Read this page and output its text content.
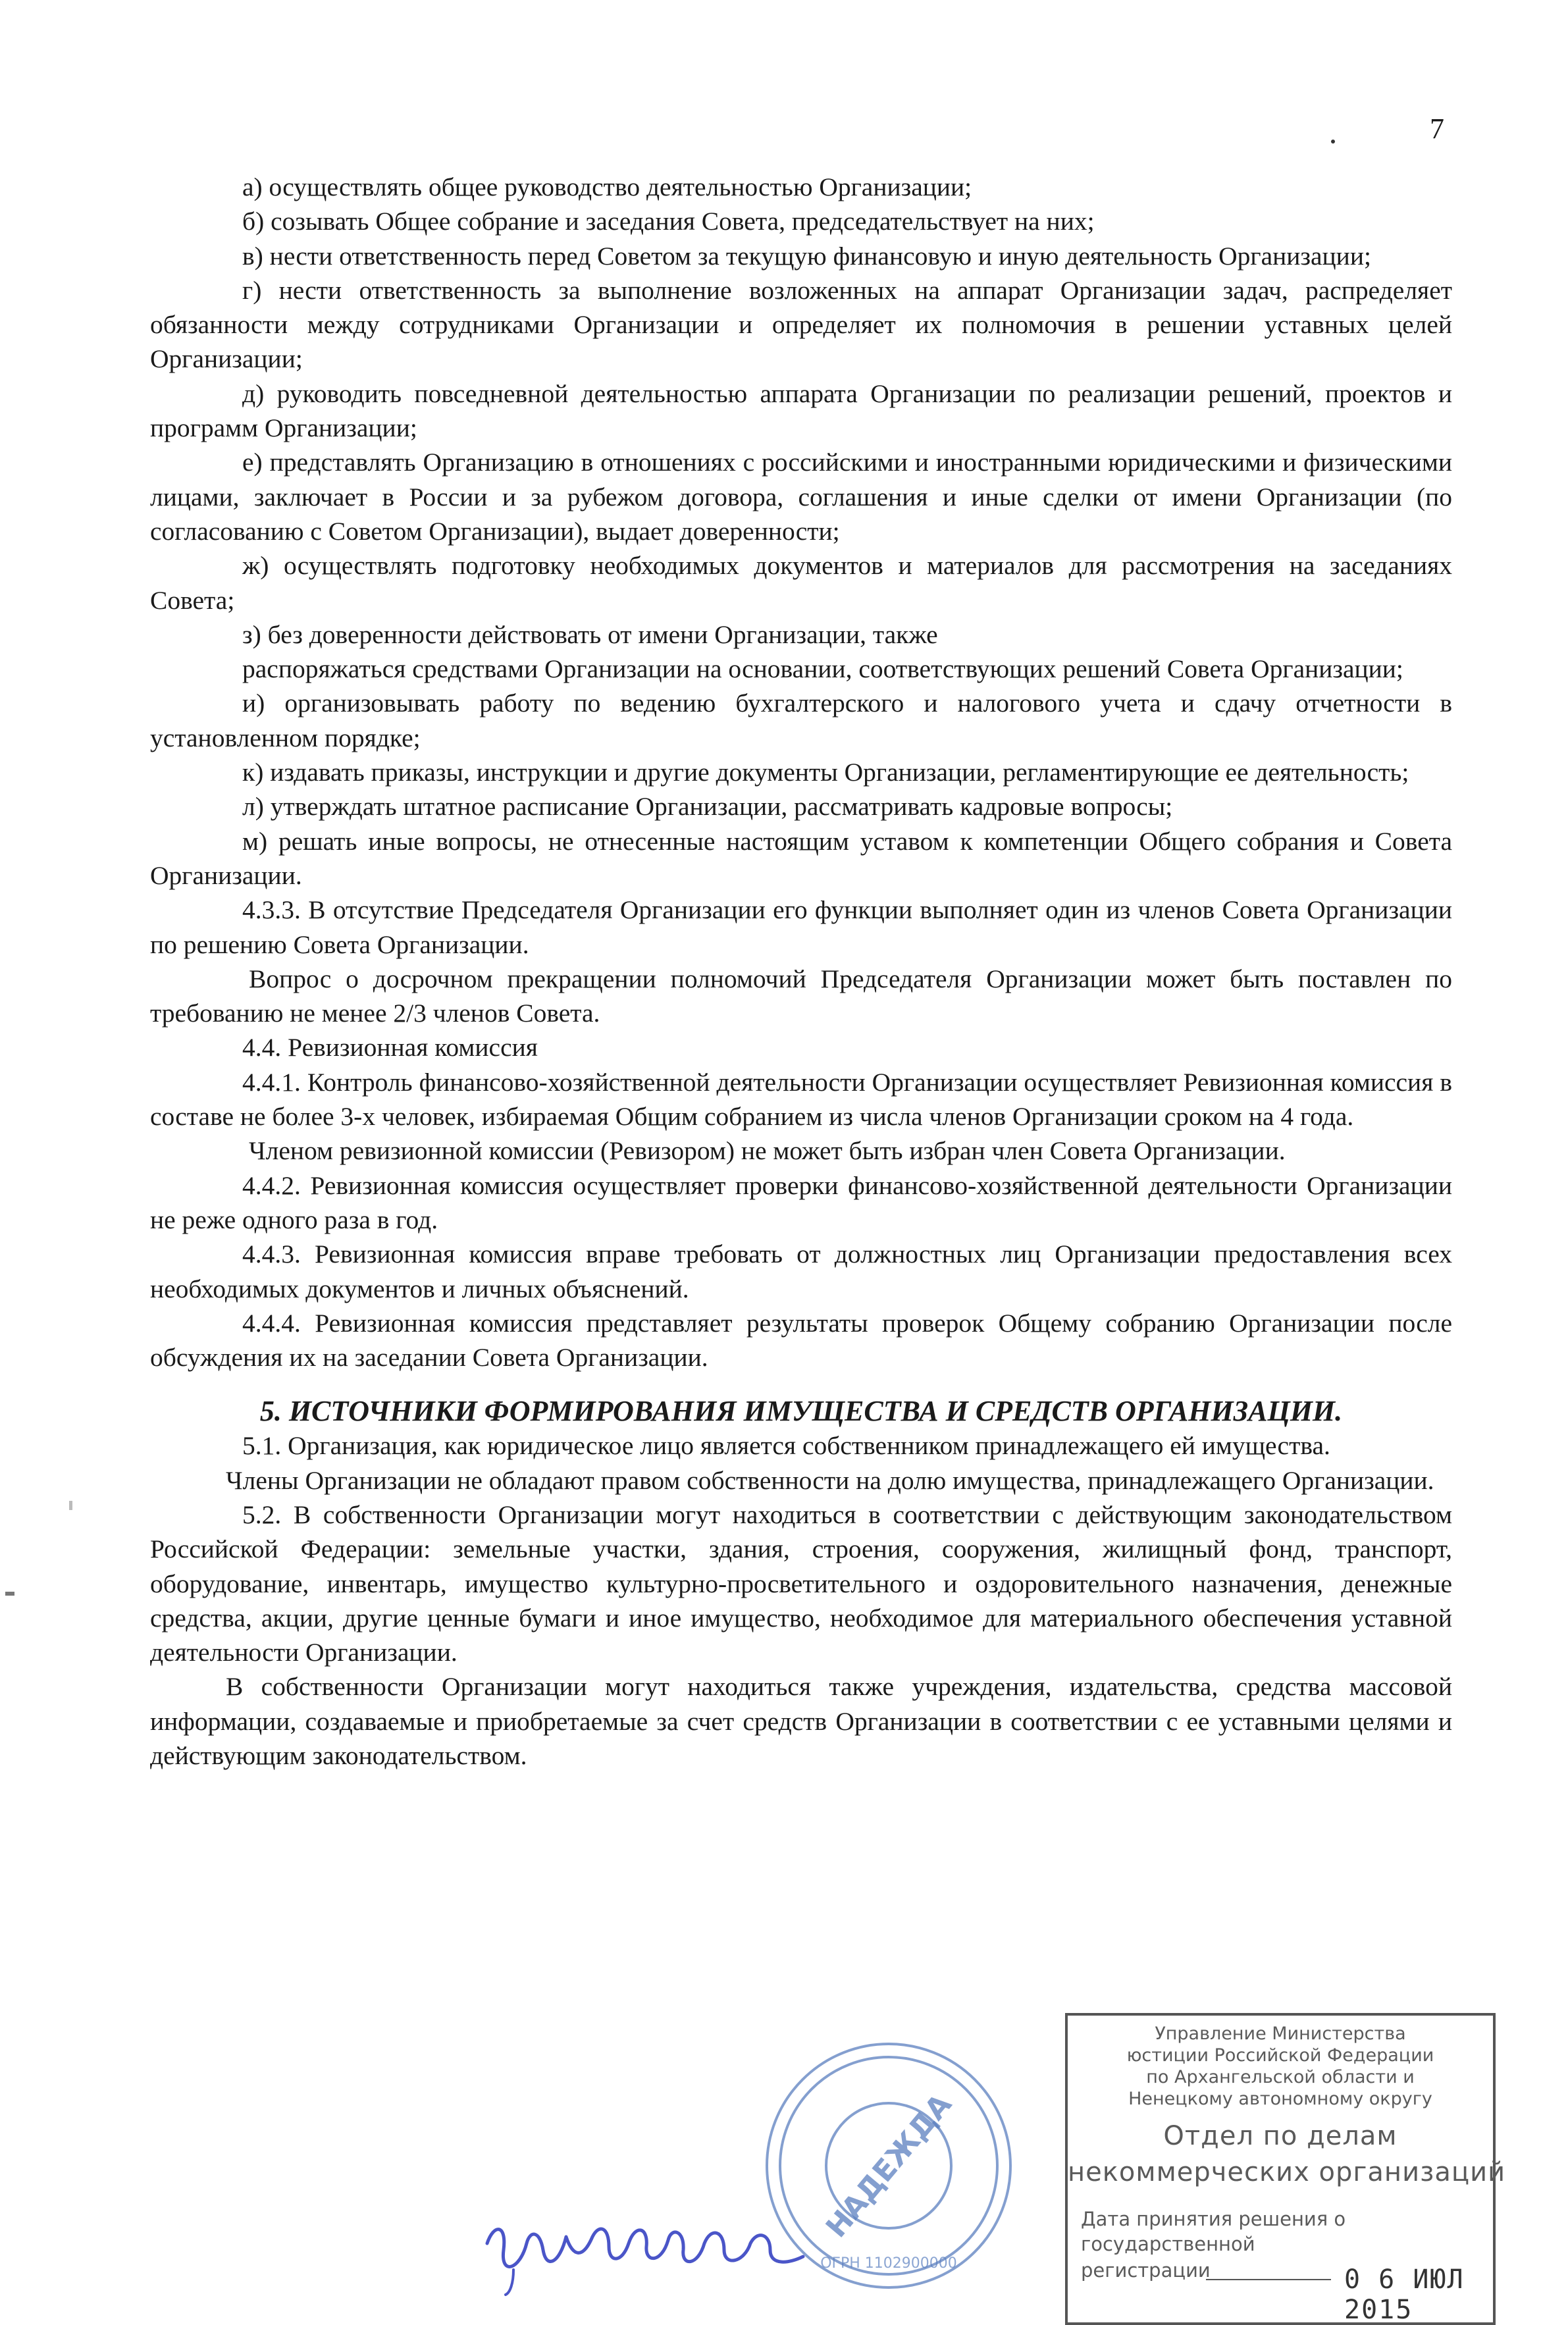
7

а) осуществлять общее руководство деятельностью Организации;

б) созывать Общее собрание и заседания Совета, председательствует на них;

в) нести ответственность перед Советом за текущую финансовую и иную деятельность Организации;

г) нести ответственность за выполнение возложенных на аппарат Организации задач, распределяет обязанности между сотрудниками Организации и определяет их полномочия в решении уставных целей Организации;

д) руководить повседневной деятельностью аппарата Организации по реализации решений, проектов и программ Организации;

е) представлять Организацию в отношениях с российскими и иностранными юридическими и физическими лицами, заключает в России и за рубежом договора, соглашения и иные сделки от имени Организации (по согласованию с Советом Организации), выдает доверенности;

ж) осуществлять подготовку необходимых документов и материалов для рассмотрения на заседаниях Совета;

з) без доверенности действовать от имени Организации, также

распоряжаться средствами Организации на основании, соответствующих решений Совета Организации;

и) организовывать работу по ведению бухгалтерского и налогового учета и сдачу отчетности в установленном порядке;

к) издавать приказы, инструкции и другие документы Организации, регламентирующие ее деятельность;

л) утверждать штатное расписание Организации, рассматривать кадровые вопросы;

м) решать иные вопросы, не отнесенные настоящим уставом к компетенции Общего собрания и Совета Организации.

4.3.3. В отсутствие Председателя Организации его функции выполняет один из членов Совета Организации по решению Совета Организации.

Вопрос о досрочном прекращении полномочий Председателя Организации может быть поставлен по требованию не менее 2/3 членов Совета.

4.4. Ревизионная комиссия

4.4.1. Контроль финансово-хозяйственной деятельности Организации осуществляет Ревизионная комиссия в составе не более 3-х человек, избираемая Общим собранием из числа членов Организации сроком на 4 года.

Членом ревизионной комиссии (Ревизором) не может быть избран член Совета Организации.

4.4.2. Ревизионная комиссия осуществляет проверки финансово-хозяйственной деятельности Организации не реже одного раза в год.

4.4.3. Ревизионная комиссия вправе требовать от должностных лиц Организации предоставления всех необходимых документов и личных объяснений.

4.4.4. Ревизионная комиссия представляет результаты проверок Общему собранию Организации после обсуждения их на заседании Совета Организации.

5. ИСТОЧНИКИ ФОРМИРОВАНИЯ ИМУЩЕСТВА И СРЕДСТВ ОРГАНИЗАЦИИ.

5.1. Организация, как юридическое лицо является собственником принадлежащего ей имущества.

Члены Организации не обладают правом собственности на долю имущества, принадлежащего Организации.

5.2. В собственности Организации могут находиться в соответствии с действующим законодательством Российской Федерации: земельные участки, здания, строения, сооружения, жилищный фонд, транспорт, оборудование, инвентарь, имущество культурно-просветительного и оздоровительного назначения, денежные средства, акции, другие ценные бумаги и иное имущество, необходимое для материального обеспечения уставной деятельности Организации.

В собственности Организации могут находиться также учреждения, издательства, средства массовой информации, создаваемые и приобретаемые за счет средств Организации в соответствии с ее уставными целями и действующим законодательством.

НАДЕЖДА
ОГРН 1102900000
Управление Министерства
юстиции Российской Федерации
по Архангельской области и
Ненецкому автономному округу
Отдел по делам
некоммерческих организаций
Дата принятия решения о
государственной
регистрации	0 6 ИЮЛ 2015
